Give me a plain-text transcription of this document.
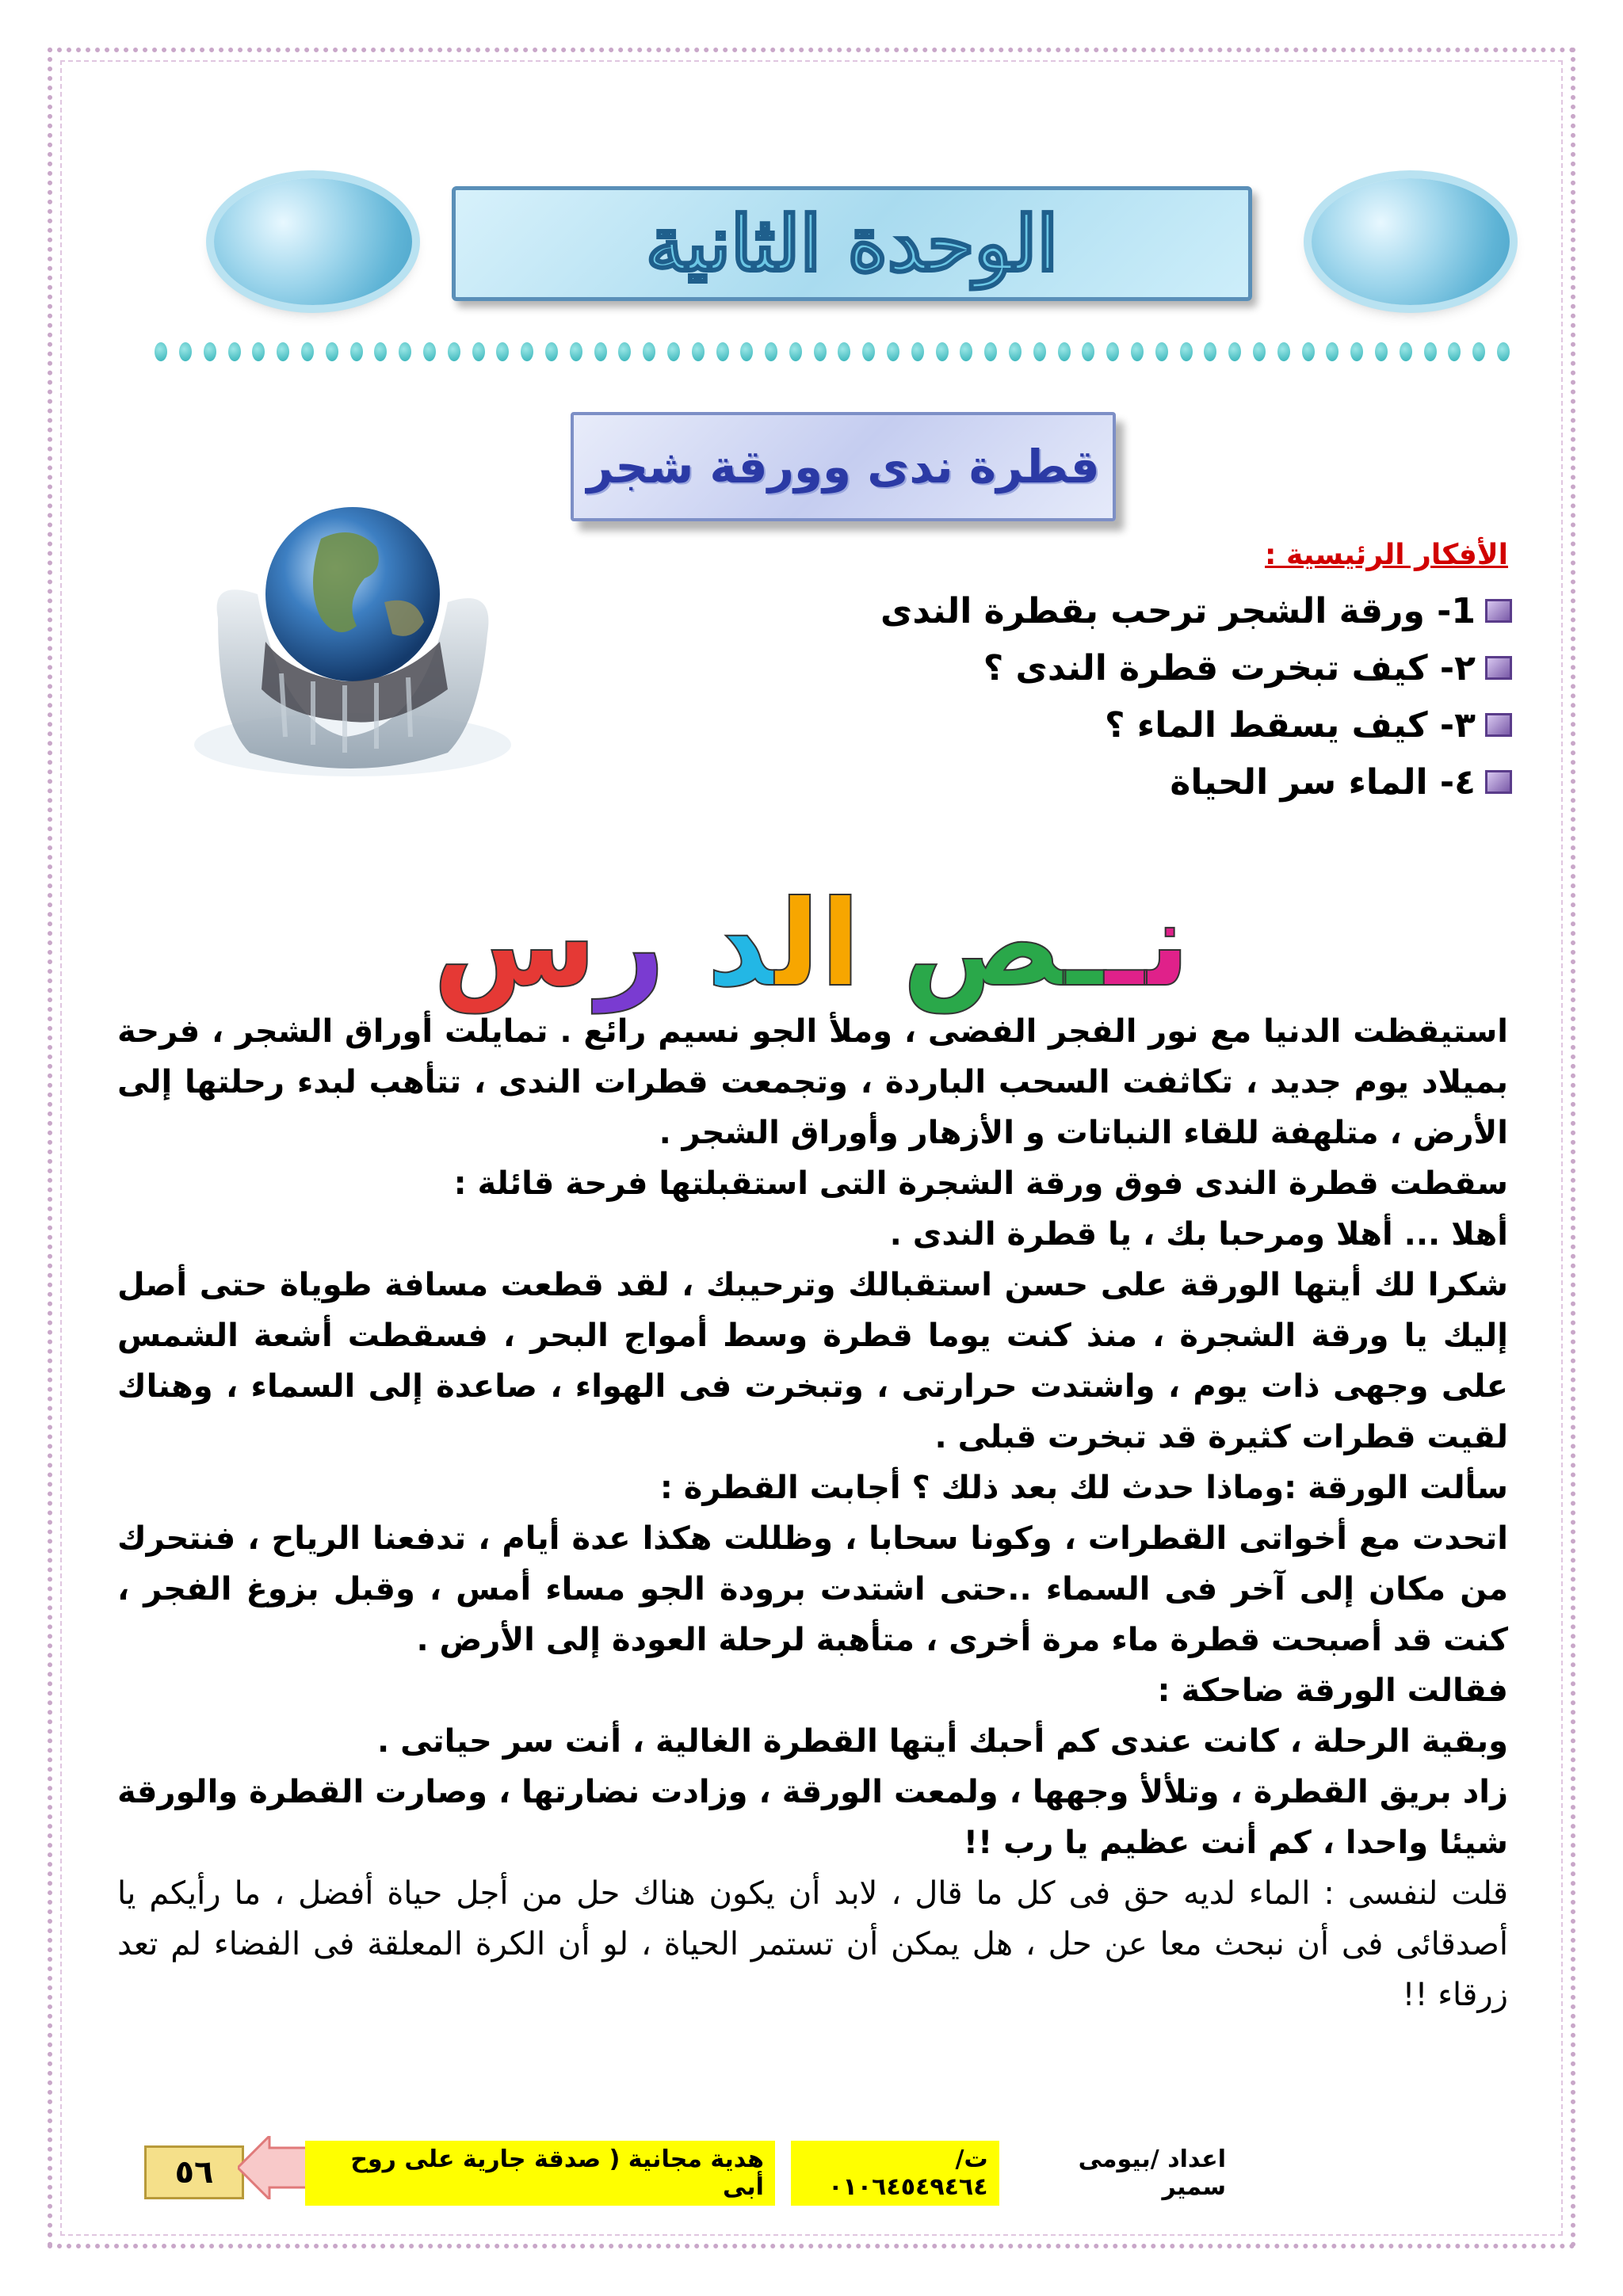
الوحدة الثانية
قطرة ندى وورقة شجر
الأفكار الرئيسية :
1- ورقة الشجر ترحب بقطرة الندى
٢- كيف تبخرت قطرة الندى ؟
٣- كيف يسقط الماء ؟
٤- الماء سر الحياة
نــص الد رس

استيقظت الدنيا مع نور الفجر الفضى ، وملأ الجو نسيم رائع . تمايلت أوراق الشجر ، فرحة بميلاد يوم جديد ، تكاثفت السحب الباردة ، وتجمعت قطرات الندى ، تتأهب لبدء رحلتها إلى الأرض ، متلهفة للقاء النباتات و الأزهار وأوراق الشجر .

سقطت قطرة الندى فوق ورقة الشجرة التى استقبلتها فرحة قائلة :

أهلا ... أهلا ومرحبا بك ، يا قطرة الندى .

شكرا لك أيتها الورقة على حسن استقبالك وترحيبك ، لقد قطعت مسافة طوياة حتى أصل إليك يا ورقة الشجرة ، منذ كنت يوما قطرة وسط أمواج البحر ، فسقطت أشعة الشمس على وجهى ذات يوم ، واشتدت حرارتى ، وتبخرت فى الهواء ، صاعدة إلى السماء ، وهناك لقيت قطرات كثيرة قد تبخرت قبلى .

سألت الورقة :وماذا حدث لك بعد ذلك ؟ أجابت القطرة :

اتحدت مع أخواتى القطرات ، وكونا سحابا ، وظللت هكذا عدة أيام ، تدفعنا الرياح ، فنتحرك من مكان إلى آخر فى السماء ..حتى اشتدت برودة الجو مساء أمس ، وقبل بزوغ الفجر ، كنت قد أصبحت قطرة ماء مرة أخرى ، متأهبة لرحلة العودة إلى الأرض .

فقالت الورقة ضاحكة :

وبقية الرحلة ، كانت عندى كم أحبك أيتها القطرة الغالية ، أنت سر حياتى .

زاد بريق القطرة ، وتلألأ وجهها ، ولمعت الورقة ، وزادت نضارتها ، وصارت القطرة والورقة شيئا واحدا ، كم أنت عظيم يا رب !!

قلت لنفسى : الماء لديه حق فى كل ما قال ، لابد أن يكون هناك حل من أجل حياة أفضل ، ما رأيكم يا أصدقائى فى أن نبحث معا عن حل ، هل يمكن أن تستمر الحياة ، لو أن الكرة المعلقة فى الفضاء لم تعد زرقاء !!

٥٦	اعداد /بيومى سمير
ت/٠١٠٦٤٥٤٩٤٦٤
هدية مجانية ( صدقة جارية على روح أبى
